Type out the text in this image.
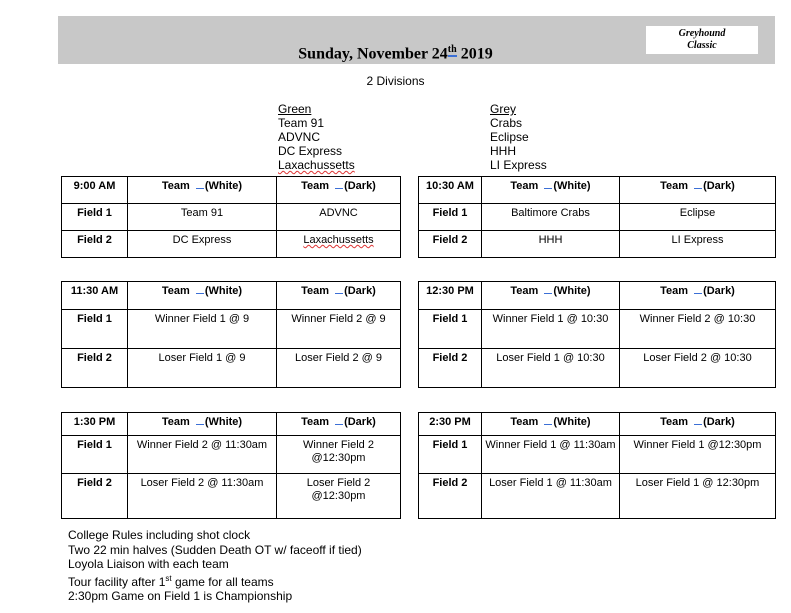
Greyhound
Classic
Sunday, November 24th 2019
2 Divisions
Green
Team 91
ADVNC
DC Express
Laxachussetts
Grey
Crabs
Eclipse
HHH
LI Express
9:00 AM	Team (White)	Team (Dark)
Field 1	Team 91	ADVNC
Field 2	DC Express	Laxachussetts
10:30 AM	Team (White)	Team (Dark)
Field 1	Baltimore Crabs	Eclipse
Field 2	HHH	LI Express
11:30 AM	Team (White)	Team (Dark)
Field 1	Winner Field 1 @ 9	Winner Field 2 @ 9
Field 2	Loser Field 1 @ 9	Loser Field 2 @ 9
12:30 PM	Team (White)	Team (Dark)
Field 1	Winner Field 1 @ 10:30	Winner Field 2 @ 10:30
Field 2	Loser Field 1 @ 10:30	Loser Field 2 @ 10:30
1:30 PM	Team (White)	Team (Dark)
Field 1	Winner Field 2 @ 11:30am	Winner Field 2 @12:30pm
Field 2	Loser Field 2 @ 11:30am	Loser Field 2 @12:30pm
2:30 PM	Team (White)	Team (Dark)
Field 1	Winner Field 1 @ 11:30am	Winner Field 1 @12:30pm
Field 2	Loser Field 1 @ 11:30am	Loser Field 1 @ 12:30pm
College Rules including shot clock
Two 22 min halves (Sudden Death OT w/ faceoff if tied)
Loyola Liaison with each team
Tour facility after 1st game for all teams
2:30pm Game on Field 1 is Championship
